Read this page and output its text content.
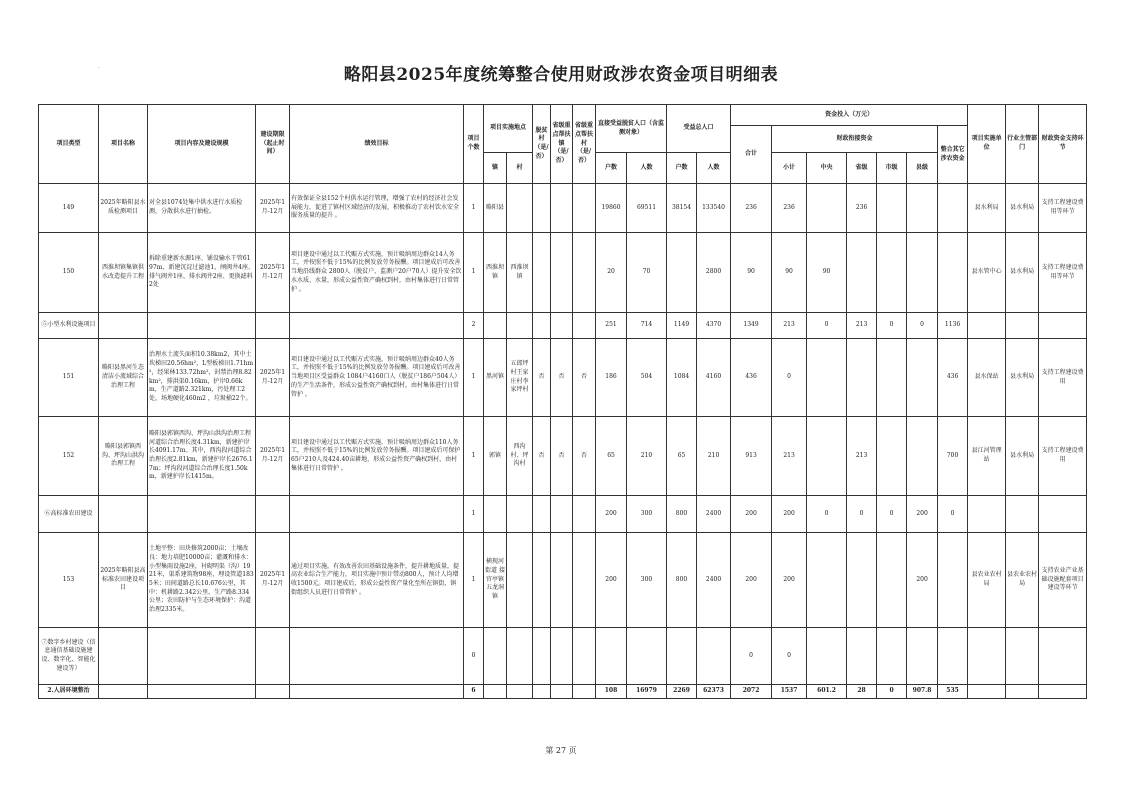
.	略阳县2025年度统筹整合使用财政涉农资金项目明细表
项目类型	项目名称	项目内容及建设规模	建设期限（起止时间）	绩效目标	项目个数	项目实施地点		脱贫村（是/否）	省级重点帮扶镇（是/否）	省级重点帮扶村（是/否）	直接受益脱贫人口（含监测对象）		受益总人口		资金投入（万元）							项目实施单位	行业主管部门	财政资金支持环节
															合计	财政衔接资金					整合其它涉农资金			
						镇	村				户数	人数	户数	人数		小计	中央	省级	市级	县级				
149	2025年略阳县水质检测项目	对全县1074处集中供水进行水质检测，分散供水进行抽检。	2025年1月-12月	有效保证全县152个村供水运行管理，增强了农村的经济社会发展能力，促进了镇村区域经济的发展，积极推动了农村饮水安全服务质量的提升 。	1	略阳县					19860	69511	38154	133540	236	236		236				县水利局	县水利局	支持工程建设费用等环节
150	西淮坝镇集镇供水改造提升工程	拆除重建新水源1座、铺设输水干管6197m、新建沉淀过滤池1、闸阀井4座、排气阀井1座、排水阀井2座、更换滤料2处	2025年1月-12月	项目建设中通过以工代赈方式实施，预计吸纳周边群众14人务工，并按照不低于15%的比例发放劳务报酬。项目建成后可改善当地沿线群众 2800人（脱贫户、监测户20户70人）提升安全饮水水质、水量，形成公益性资产确权到村，由村集体进行日常管护 。	1	西淮坝镇	西淮坝镇				20	70		2800	90	90	90					县水管中心	县水利局	支持工程建设费用等环节
⑤小型水利设施项目					2						251	714	1149	4370	1349	213	0	213	0	0	1136			
151	略阳县黑河生态清洁小流域综合治理工程	治理水土流失面积10.38km2，其中土坎梯田20.56hm²，L型板梯田1.71hm²，经果林133.72hm²，封禁治理8.82km²，排洪渠0.16km，护岸0.66km，生产道路2.321km，污处理工2处，场地硬化460m2 ，垃圾桶22个。	2025年1月-12月	项目建设中通过以工代赈方式实施，预计吸纳周边群众40人务工，并按照不低于15%的比例发放劳务报酬。项目建成后可改善当地项目区受益群众 1084户4160口人（脱贫户186户504人）的生产生活条件，形成公益性资产确权到村，由村集体进行日常管护 。	1	黑河镇	五郎坪村王家庄村李家坪村	否	否	否	186	504	1084	4160	436	0					436	县水保站	县水利局	支持工程建设费用
152	略阳县郭镇西沟、坪沟山洪沟治理工程	略阳县郭镇西沟、坪沟山洪沟治理工程河道综合治理长度4.31km，新建护岸长4091.17m。其中，西沟段河道综合治理长度2.81km，新建护岸长2676.17m；坪沟段河道综合治理长度1.50km，新建护岸长1415m。	2025年1月-12月	项目建设中通过以工代赈方式实施，预计吸纳周边群众110人务工，并按照不低于15%的比例发放劳务报酬。项目建成后可保护65户210人及424.40亩耕地，形成公益性资产确权到村，由村集体进行日常管护 。	1	郭镇	西沟村、坪沟村	否	否	否	65	210	65	210	913	213		213			700	县江河管理站	县水利局	支持工程建设费用
⑥高标准农田建设					1						200	300	800	2400	200	200	0	0	0	200	0			
153	2025年略阳县高标准农田建设项目	土地平整：田块修筑2000亩；土壤改良：地力培肥10000亩；灌溉和排水：小型集雨设施2座，衬砌明渠（沟）1921米，渠系建筑物98座，埋设管道1835米；田间道路总长10.676公里，其中：机耕路2.342公里，生产路8.334公里；农田防护与生态环境保护：沟道治理2335米。	2025年1月-12月	通过项目实施，有效改善农田基础设施条件，提升耕地质量，提高农业综合生产能力，项目实施中预计带动800人，预计人均增收1500元。项目建成后，形成公益性资产量化至所在镇街，镇街组织人员进行日常管护 。	1	横现河街道 接官亭镇 五龙洞镇					200	300	800	2400	200	200				200		县农业农村局	县农业农村局	支持农业产业基础设施配套项目建设等环节
⑦数字乡村建设（信息通信基础设施建设、数字化、智能化建设等）					0										0	0								
2.人居环境整治					6						108	16979	2269	62373	2072	1537	601.2	28	0	907.8	535			
第 27 页
